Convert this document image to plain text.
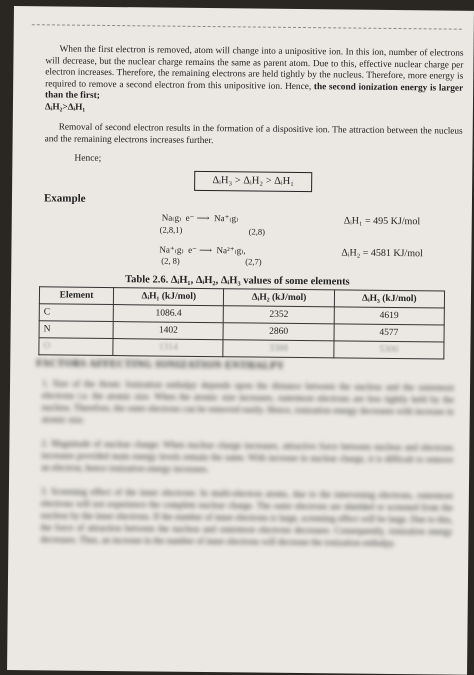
When the first electron is removed, atom will change into a unipositive ion. In this ion, number of electrons will decrease, but the nuclear charge remains the same as parent atom. Due to this, effective nuclear charge per electron increases. Therefore, the remaining electrons are held tightly by the nucleus. Therefore, more energy is required to remove a second electron from this unipositive ion. Hence, the second ionization energy is larger than the first;
ΔᵢH₂>ΔᵢH₁
Removal of second electron results in the formation of a dispositive ion. The attraction between the nucleus and the remaining electrons increases further.
Hence;
ΔᵢH₃ > ΔᵢH₂ > ΔᵢH₁
Example
Na₍g₎ e⁻ ⟶ Na⁺₍g₎
(2,8,1)	(2,8)
ΔᵢH₁ = 495 KJ/mol
Na⁺₍g₎ e⁻ ⟶ Na²⁺₍g₎,
(2, 8)	(2,7)
ΔᵢH₂ = 4581 KJ/mol
Table 2.6. ΔᵢH₁, ΔᵢH₂, ΔᵢH₃ values of some elements
Element	ΔᵢH₁ (kJ/mol)	ΔᵢH₂ (kJ/mol)	ΔᵢH₃ (kJ/mol)
C	1086.4	2352	4619
N	1402	2860	4577
O	1314	3388	5300
FACTORS AFFECTING IONIZATION ENTHALPY
1. Size of the Atom: Ionization enthalpy depends upon the distance between the nucleus and the outermost electrons i.e. the atomic size. When the atomic size increases, outermost electrons are less tightly held by the nucleus. Therefore, the outer electrons can be removed easily. Hence, ionization energy decreases with increase in atomic size.
2. Magnitude of nuclear charge: When nuclear charge increases, attractive force between nucleus and electrons increases provided main energy levels remain the same. With increase in nuclear charge, it is difficult to remove an electron, hence ionization energy increases.
3. Screening effect of the inner electrons: In multi-electron atoms, due to the intervening electrons, outermost electrons will not experience the complete nuclear charge. The outer electrons are shielded or screened from the nucleus by the inner electrons. If the number of inner electrons is large, screening effect will be large. Due to this, the force of attraction between the nucleus and outermost electrons decreases. Consequently, ionization energy decreases. Thus, an increase in the number of inner electrons will decrease the ionization enthalpy.
